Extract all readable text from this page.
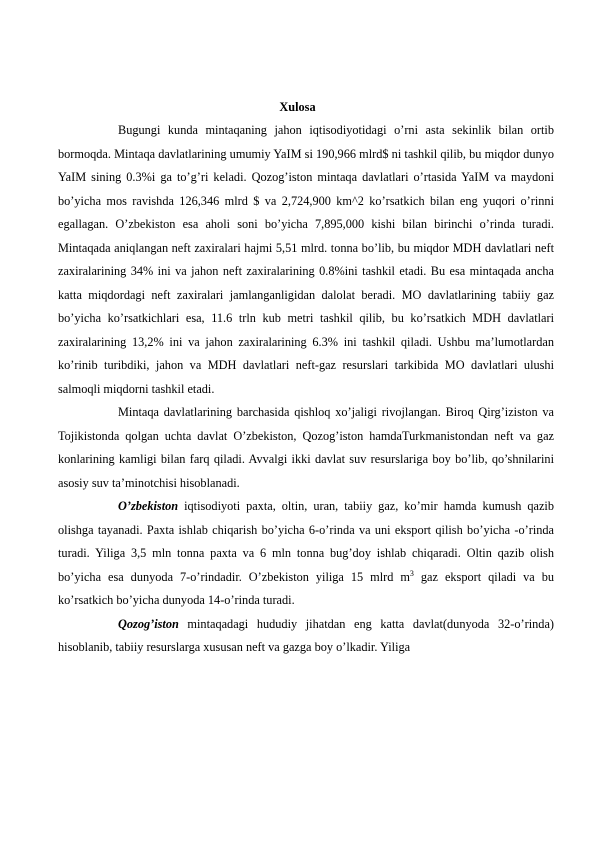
Xulosa

Bugungi kunda mintaqaning jahon iqtisodiyotidagi o’rni asta sekinlik bilan ortib bormoqda. Mintaqa davlatlarining umumiy YaIM si 190,966 mlrd$ ni tashkil qilib, bu miqdor dunyo YaIM sining 0.3%i ga to’g’ri keladi. Qozog’iston mintaqa davlatlari o’rtasida YaIM va maydoni bo’yicha mos ravishda 126,346 mlrd $ va 2,724,900 km^2 ko’rsatkich bilan eng yuqori o’rinni egallagan. O’zbekiston esa aholi soni bo’yicha 7,895,000 kishi bilan birinchi o’rinda turadi. Mintaqada aniqlangan neft zaxiralari hajmi 5,51 mlrd. tonna bo’lib, bu miqdor MDH davlatlari neft zaxiralarining 34% ini va jahon neft zaxiralarining 0.8%ini tashkil etadi. Bu esa mintaqada ancha katta miqdordagi neft zaxiralari jamlanganligidan dalolat beradi. MO davlatlarining tabiiy gaz bo’yicha ko’rsatkichlari esa, 11.6 trln kub metri tashkil qilib, bu ko’rsatkich MDH davlatlari zaxiralarining 13,2% ini va jahon zaxiralarining 6.3% ini tashkil qiladi. Ushbu ma’lumotlardan ko’rinib turibdiki, jahon va MDH davlatlari neft-gaz resurslari tarkibida MO davlatlari ulushi salmoqli miqdorni tashkil etadi.

Mintaqa davlatlarining barchasida qishloq xo’jaligi rivojlangan. Biroq Qirg’iziston va Tojikistonda qolgan uchta davlat O’zbekiston, Qozog’iston hamdaTurkmanistondan neft va gaz konlarining kamligi bilan farq qiladi. Avvalgi ikki davlat suv resurslariga boy bo’lib, qo’shnilarini asosiy suv ta’minotchisi hisoblanadi.

O’zbekiston iqtisodiyoti paxta, oltin, uran, tabiiy gaz, ko’mir hamda kumush qazib olishga tayanadi. Paxta ishlab chiqarish bo’yicha 6-o’rinda va uni eksport qilish bo’yicha -o’rinda turadi. Yiliga 3,5 mln tonna paxta va 6 mln tonna bug’doy ishlab chiqaradi. Oltin qazib olish bo’yicha esa dunyoda 7-o’rindadir. O’zbekiston yiliga 15 mlrd $m^3$ gaz eksport qiladi va bu ko’rsatkich bo’yicha dunyoda 14-o’rinda turadi.

Qozog’iston mintaqadagi hududiy jihatdan eng katta davlat(dunyoda 32-o’rinda) hisoblanib, tabiiy resurslarga xususan neft va gazga boy o’lkadir. Yiliga
